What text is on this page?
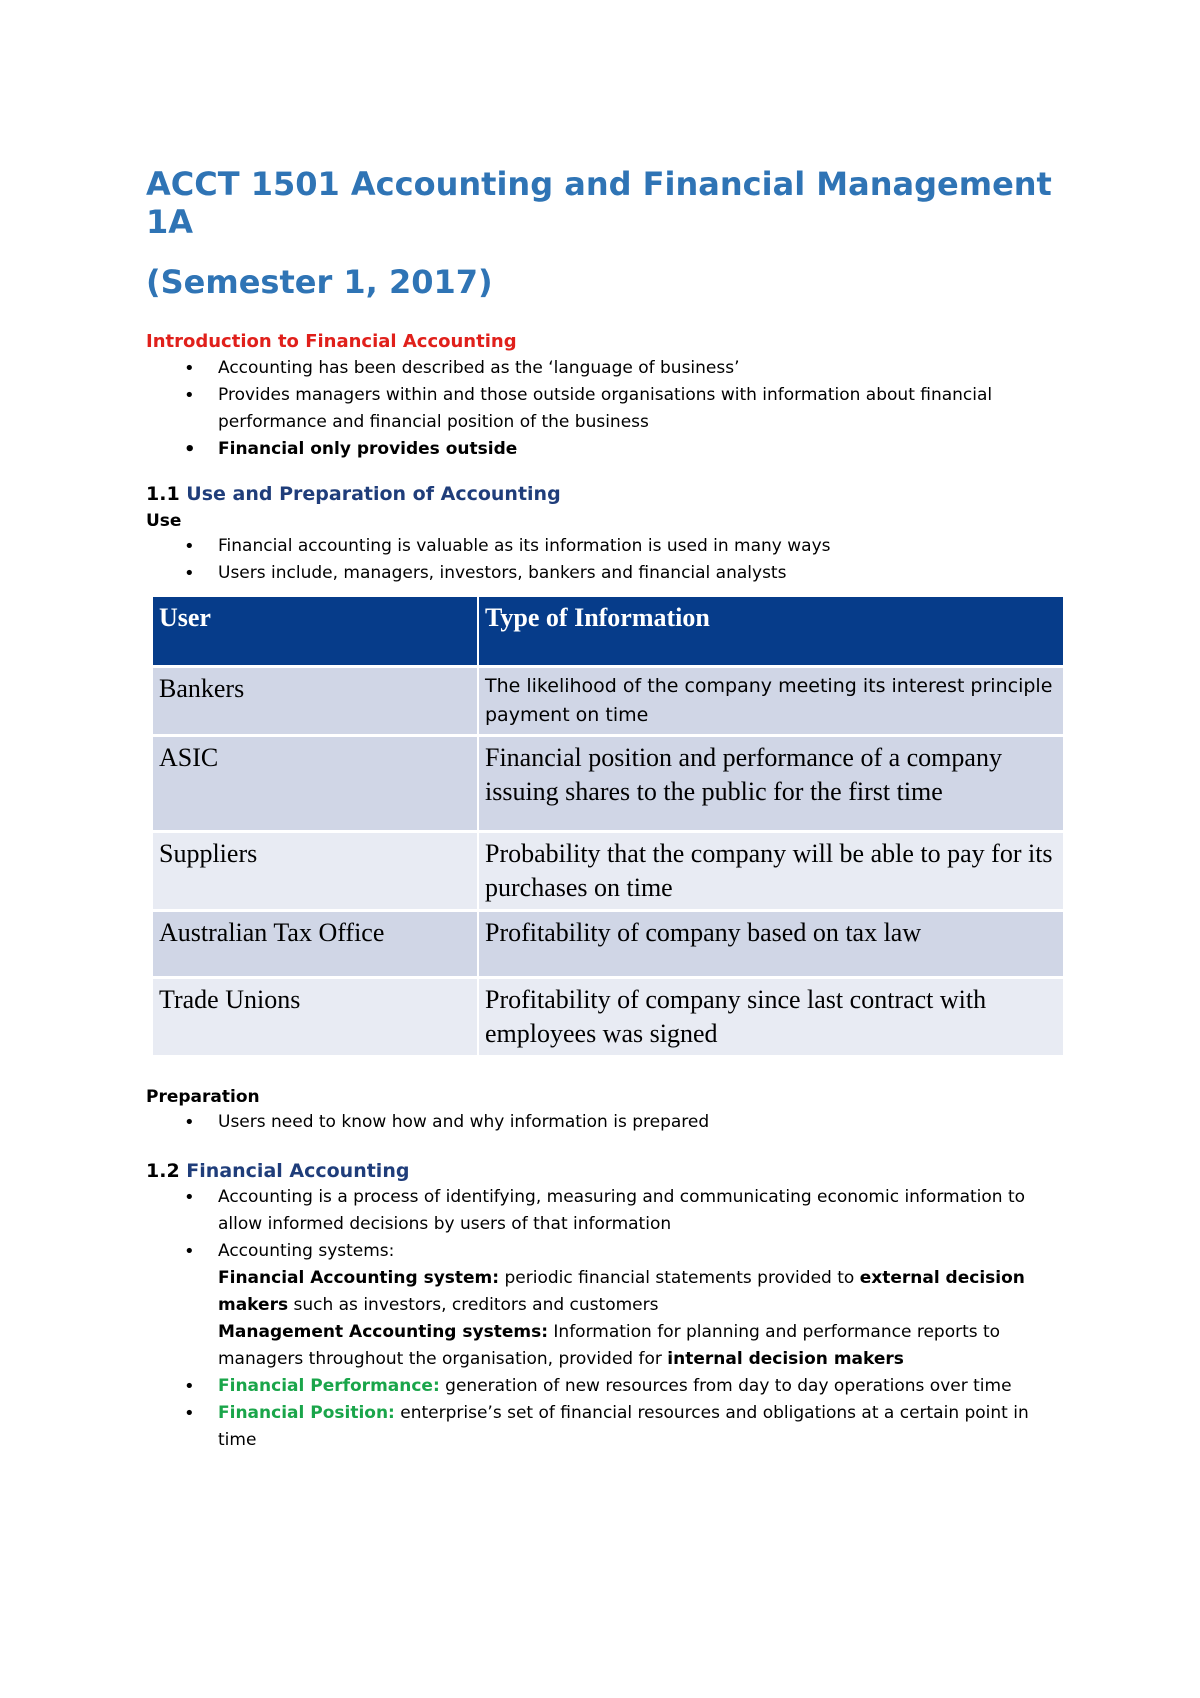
ACCT 1501 Accounting and Financial Management 1A
(Semester 1, 2017)
Introduction to Financial Accounting
• Accounting has been described as the ‘language of business’
• Provides managers within and those outside organisations with information about financial performance and financial position of the business
• Financial only provides outside
1.1 Use and Preparation of Accounting
Use
• Financial accounting is valuable as its information is used in many ways
• Users include, managers, investors, bankers and financial analysts
User	Type of Information
Bankers	The likelihood of the company meeting its interest principle payment on time
ASIC	Financial position and performance of a company issuing shares to the public for the first time
Suppliers	Probability that the company will be able to pay for its purchases on time
Australian Tax Office	Profitability of company based on tax law
Trade Unions	Profitability of company since last contract with employees was signed
Preparation
• Users need to know how and why information is prepared
1.2 Financial Accounting
• Accounting is a process of identifying, measuring and communicating economic information to allow informed decisions by users of that information
• Accounting systems:
Financial Accounting system: periodic financial statements provided to external decision makers such as investors, creditors and customers
Management Accounting systems: Information for planning and performance reports to managers throughout the organisation, provided for internal decision makers
• Financial Performance: generation of new resources from day to day operations over time
• Financial Position: enterprise’s set of financial resources and obligations at a certain point in time
